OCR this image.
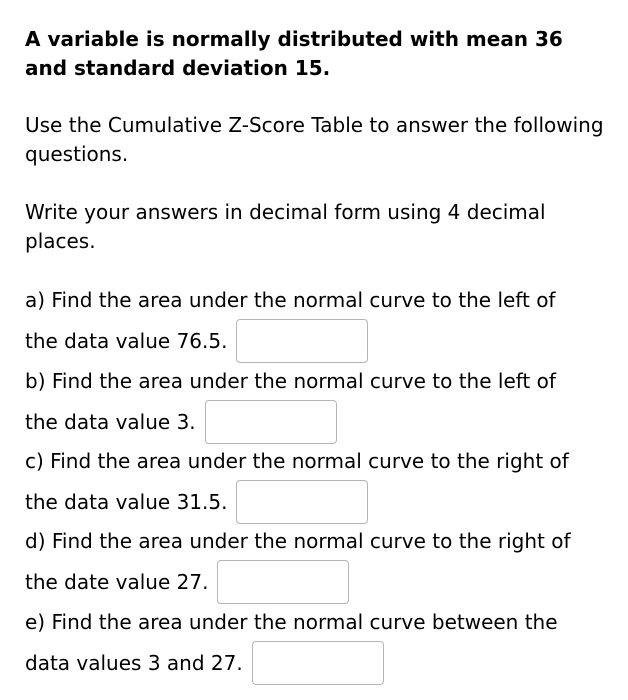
A variable is normally distributed with mean 36 and standard deviation 15.

Use the Cumulative Z-Score Table to answer the following questions.

Write your answers in decimal form using 4 decimal places.

a) Find the area under the normal curve to the left of
the data value 76.5.
b) Find the area under the normal curve to the left of
the data value 3.
c) Find the area under the normal curve to the right of
the data value 31.5.
d) Find the area under the normal curve to the right of
the date value 27.
e) Find the area under the normal curve between the
data values 3 and 27.
